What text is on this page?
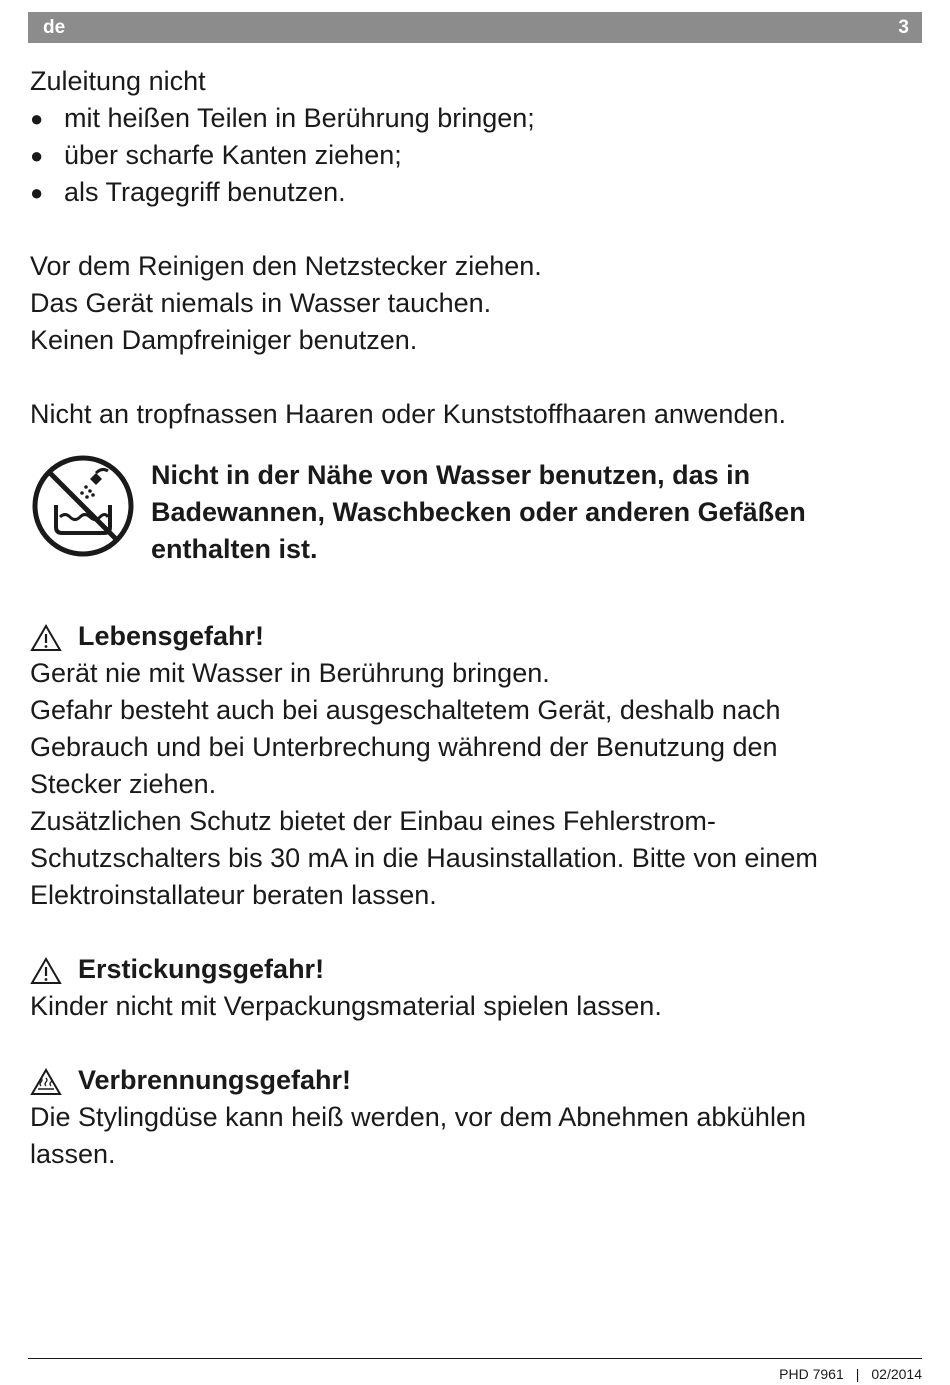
de	3
Zuleitung nicht
● mit heißen Teilen in Berührung bringen;
● über scharfe Kanten ziehen;
● als Tragegriff benutzen.
Vor dem Reinigen den Netzstecker ziehen.
Das Gerät niemals in Wasser tauchen.
Keinen Dampfreiniger benutzen.
Nicht an tropfnassen Haaren oder Kunststoffhaaren anwenden.
Nicht in der Nähe von Wasser benutzen, das in
Badewannen, Waschbecken oder anderen Gefäßen
enthalten ist.
Lebensgefahr!
Gerät nie mit Wasser in Berührung bringen.
Gefahr besteht auch bei ausgeschaltetem Gerät, deshalb nach
Gebrauch und bei Unterbrechung während der Benutzung den
Stecker ziehen.
Zusätzlichen Schutz bietet der Einbau eines Fehlerstrom-
Schutzschalters bis 30 mA in die Hausinstallation. Bitte von einem
Elektroinstallateur beraten lassen.
Erstickungsgefahr!
Kinder nicht mit Verpackungsmaterial spielen lassen.
Verbrennungsgefahr!
Die Stylingdüse kann heiß werden, vor dem Abnehmen abkühlen
lassen.
PHD 7961 | 02/2014
